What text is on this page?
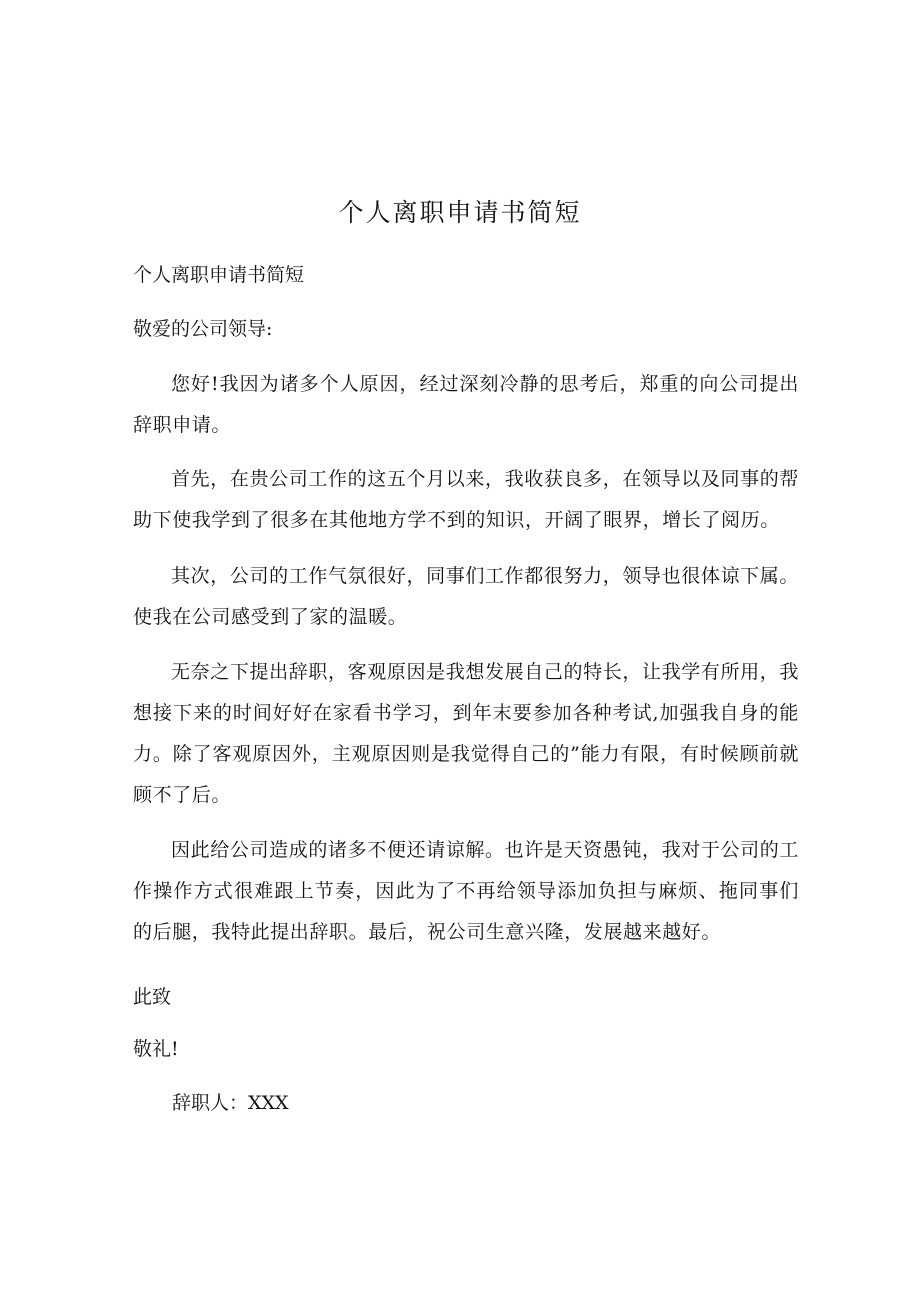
个人离职申请书简短
个人离职申请书简短
敬爱的公司领导:
您好!我因为诸多个人原因，经过深刻冷静的思考后，郑重的向公司提出辞职申请。
首先，在贵公司工作的这五个月以来，我收获良多，在领导以及同事的帮助下使我学到了很多在其他地方学不到的知识，开阔了眼界，增长了阅历。
其次，公司的工作气氛很好，同事们工作都很努力，领导也很体谅下属。使我在公司感受到了家的温暖。
无奈之下提出辞职，客观原因是我想发展自己的特长，让我学有所用，我想接下来的时间好好在家看书学习，到年末要参加各种考试,加强我自身的能力。除了客观原因外，主观原因则是我觉得自己的”能力有限，有时候顾前就顾不了后。
因此给公司造成的诸多不便还请谅解。也许是天资愚钝，我对于公司的工作操作方式很难跟上节奏，因此为了不再给领导添加负担与麻烦、拖同事们的后腿，我特此提出辞职。最后，祝公司生意兴隆，发展越来越好。
此致
敬礼!
辞职人：XXX
